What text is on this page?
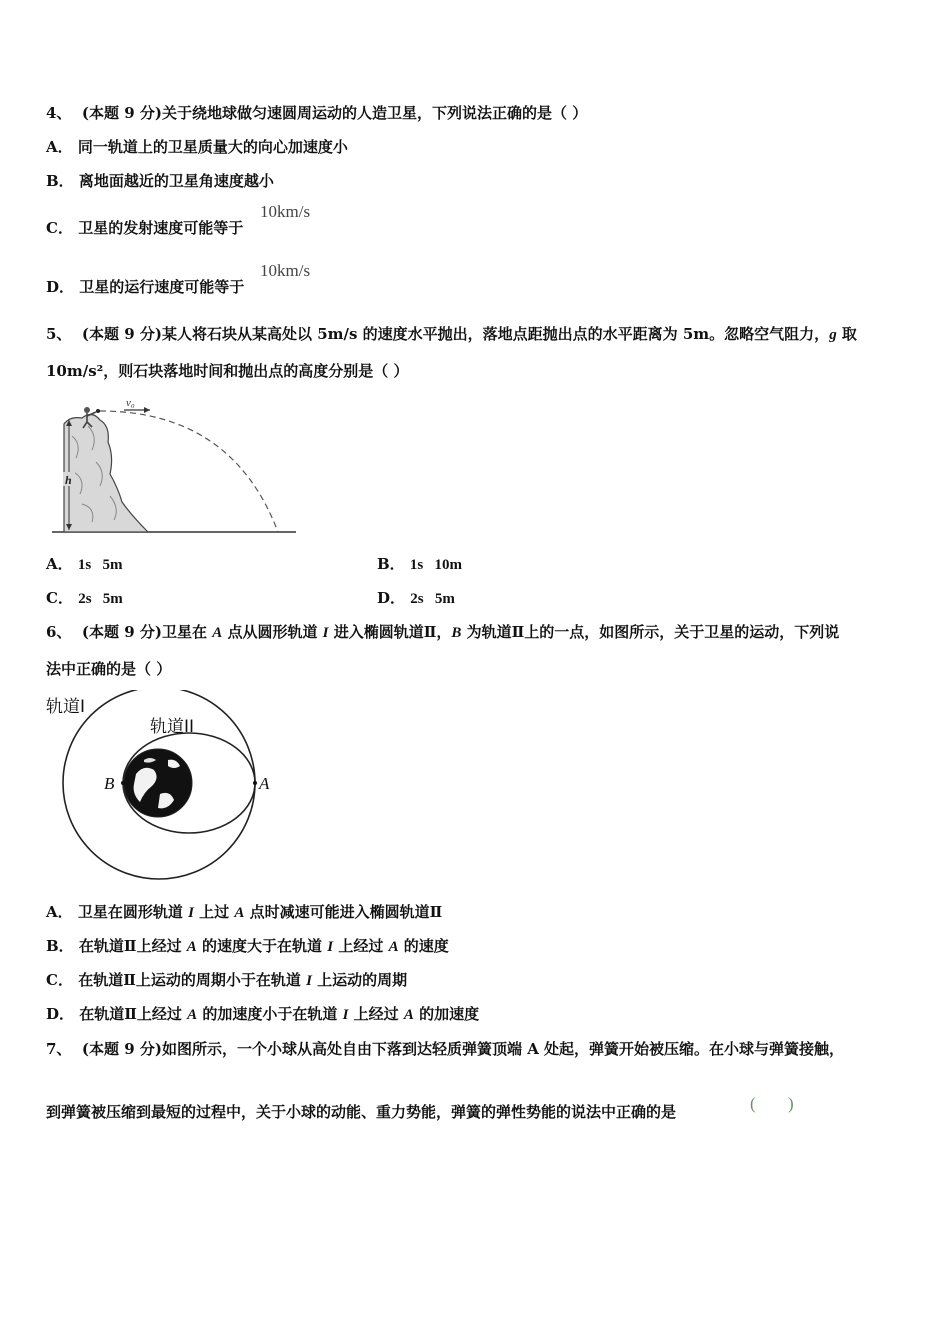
4、 (本题 9 分)关于绕地球做匀速圆周运动的人造卫星，下列说法正确的是（ ）
A． 同一轨道上的卫星质量大的向心加速度小
B． 离地面越近的卫星角速度越小
C． 卫星的发射速度可能等于
10km/s
D． 卫星的运行速度可能等于
10km/s
5、 (本题 9 分)某人将石块从某高处以 5m/s 的速度水平抛出，落地点距抛出点的水平距离为 5m。忽略空气阻力，g 取
10m/s²，则石块落地时间和抛出点的高度分别是（ ）
v₀
h
A． 1s   5m	B． 1s   10m
C． 2s   5m	D． 2s   5m
6、 (本题 9 分)卫星在 A 点从圆形轨道 I 进入椭圆轨道Ⅱ，B 为轨道Ⅱ上的一点，如图所示，关于卫星的运动，下列说
法中正确的是（ ）
轨道I
轨道II
B	A
A． 卫星在圆形轨道 I 上过 A 点时减速可能进入椭圆轨道Ⅱ
B． 在轨道Ⅱ上经过 A 的速度大于在轨道 I 上经过 A 的速度
C． 在轨道Ⅱ上运动的周期小于在轨道 I 上运动的周期
D． 在轨道Ⅱ上经过 A 的加速度小于在轨道 I 上经过 A 的加速度
7、 (本题 9 分)如图所示，一个小球从高处自由下落到达轻质弹簧顶端 A 处起，弹簧开始被压缩。在小球与弹簧接触，
到弹簧被压缩到最短的过程中，关于小球的动能、重力势能，弹簧的弹性势能的说法中正确的是	( )
